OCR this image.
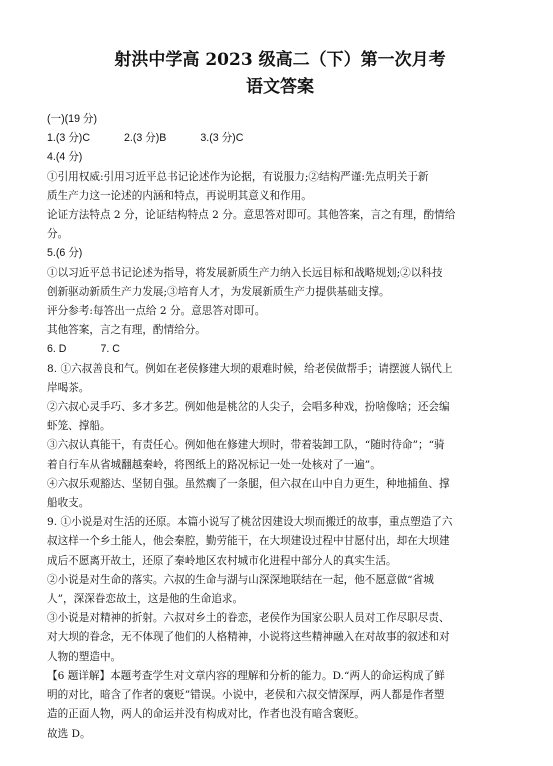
射洪中学高 2023 级高二（下）第一次月考
语文答案

(一)(19 分)

1.(3 分)C	2.(3 分)B	3.(3 分)C

4.(4 分)

①引用权威:引用习近平总书记论述作为论据，有说服力;②结构严谨:先点明关于新

质生产力这一论述的内涵和特点，再说明其意义和作用。

论证方法特点 2 分，论证结构特点 2 分。意思答对即可。其他答案，言之有理，酌情给

分。

5.(6 分)

①以习近平总书记论述为指导，将发展新质生产力纳入长远目标和战略规划;②以科技

创新驱动新质生产力发展;③培育人才，为发展新质生产力提供基础支撑。

评分参考:每答出一点给 2 分。意思答对即可。

其他答案，言之有理，酌情给分。

6. D	7. C

8. ①六叔善良和气。例如在老侯修建大坝的艰难时候，给老侯做帮手；请摆渡人锅代上

岸喝茶。

②六叔心灵手巧、多才多艺。例如他是桃岔的人尖子，会唱多种戏，扮啥像啥；还会编

虾笼、撑船。

③六叔认真能干，有责任心。例如他在修建大坝时，带着装卸工队，“随时待命”；“骑

着自行车从省城翻越秦岭，将图纸上的路况标记一处一处核对了一遍”。

④六叔乐观豁达、坚韧自强。虽然瘸了一条腿，但六叔在山中自力更生，种地捕鱼、撑

船收支。

9. ①小说是对生活的还原。本篇小说写了桃岔因建设大坝而搬迁的故事，重点塑造了六

叔这样一个乡土能人，他会秦腔，勤劳能干，在大坝建设过程中甘愿付出，却在大坝建

成后不愿离开故土，还原了秦岭地区农村城市化进程中部分人的真实生活。

②小说是对生命的落实。六叔的生命与湖与山深深地联结在一起，他不愿意做“省城

人”，深深眷恋故土，这是他的生命追求。

③小说是对精神的折射。六叔对乡土的眷恋，老侯作为国家公职人员对工作尽职尽责、

对大坝的眷念，无不体现了他们的人格精神，小说将这些精神融入在对故事的叙述和对

人物的塑造中。

【6 题详解】本题考查学生对文章内容的理解和分析的能力。D.“两人的命运构成了鲜

明的对比，暗含了作者的褒贬”错误。小说中，老侯和六叔交情深厚，两人都是作者塑

造的正面人物，两人的命运并没有构成对比，作者也没有暗含褒贬。

故选 D。
